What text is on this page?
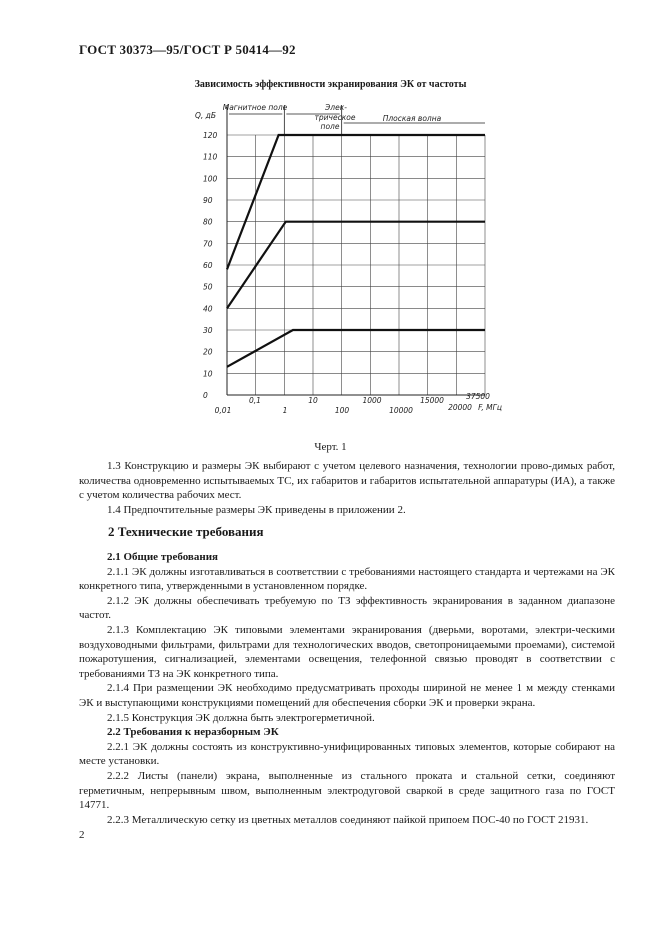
ГОСТ 30373—95/ГОСТ Р 50414—92
Зависимость эффективности экранирования ЭК от частоты
120
110
100
90
80
70
60
50
40
30
20
10
0
Q, дБ
0,1	10	1000	15000	37500
0,01	1	100	10000	20000 F, МГц
Магнитное поле	Элек-
трическое
поле
Плоская волна
Черт. 1

1.3 Конструкцию и размеры ЭК выбирают с учетом целевого назначения, технологии прово-димых работ, количества одновременно испытываемых ТС, их габаритов и габаритов испытательной аппаратуры (ИА), а также с учетом количества рабочих мест.

1.4 Предпочтительные размеры ЭК приведены в приложении 2.

2 Технические требования

2.1 Общие требования

2.1.1 ЭК должны изготавливаться в соответствии с требованиями настоящего стандарта и чертежами на ЭК конкретного типа, утвержденными в установленном порядке.

2.1.2 ЭК должны обеспечивать требуемую по ТЗ эффективность экранирования в заданном диапазоне частот.

2.1.3 Комплектацию ЭК типовыми элементами экранирования (дверьми, воротами, электри-ческими воздуховодными фильтрами, фильтрами для технологических вводов, светопроницаемыми проемами), системой пожаротушения, сигнализацией, элементами освещения, телефонной связью проводят в соответствии с требованиями ТЗ на ЭК конкретного типа.

2.1.4 При размещении ЭК необходимо предусматривать проходы шириной не менее 1 м между стенками ЭК и выступающими конструкциями помещений для обеспечения сборки ЭК и проверки экрана.

2.1.5 Конструкция ЭК должна быть электрогерметичной.

2.2 Требования к неразборным ЭК

2.2.1 ЭК должны состоять из конструктивно-унифицированных типовых элементов, которые собирают на месте установки.

2.2.2 Листы (панели) экрана, выполненные из стального проката и стальной сетки, соединяют герметичным, непрерывным швом, выполненным электродуговой сваркой в среде защитного газа по ГОСТ 14771.

2.2.3 Металлическую сетку из цветных металлов соединяют пайкой припоем ПОС-40 по ГОСТ 21931.

2
